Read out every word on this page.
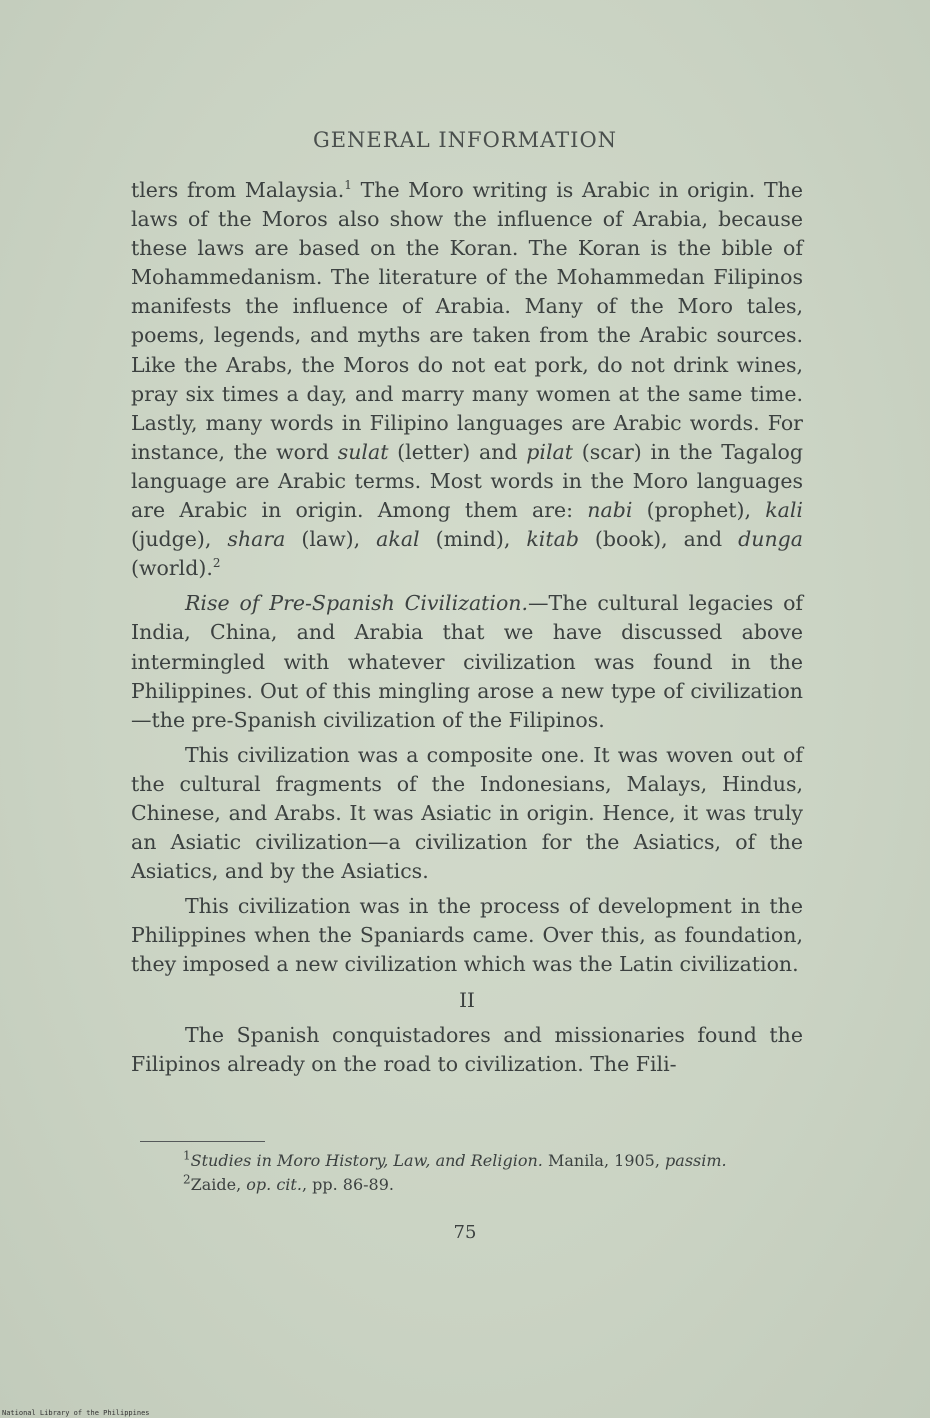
GENERAL INFORMATION

tlers from Malaysia.$^1$ The Moro writing is Arabic in origin. The laws of the Moros also show the influence of Arabia, because these laws are based on the Koran. The Koran is the bible of Mohammedanism. The literature of the Mohammedan Filipinos manifests the influence of Arabia. Many of the Moro tales, poems, legends, and myths are taken from the Arabic sources. Like the Arabs, the Moros do not eat pork, do not drink wines, pray six times a day, and marry many women at the same time. Lastly, many words in Filipino languages are Arabic words. For instance, the word sulat (letter) and pilat (scar) in the Tagalog language are Arabic terms. Most words in the Moro languages are Arabic in origin. Among them are: nabi (prophet), kali (judge), shara (law), akal (mind), kitab (book), and dunga (world).$^2$

Rise of Pre-Spanish Civilization.—The cultural legacies of India, China, and Arabia that we have discussed above intermingled with whatever civilization was found in the Philippines. Out of this mingling arose a new type of civilization—the pre-Spanish civilization of the Filipinos.

This civilization was a composite one. It was woven out of the cultural fragments of the Indonesians, Malays, Hindus, Chinese, and Arabs. It was Asiatic in origin. Hence, it was truly an Asiatic civilization—a civilization for the Asiatics, of the Asiatics, and by the Asiatics.

This civilization was in the process of development in the Philippines when the Spaniards came. Over this, as foundation, they imposed a new civilization which was the Latin civilization.

II

The Spanish conquistadores and missionaries found the Filipinos already on the road to civilization. The Fili-

$^1$Studies in Moro History, Law, and Religion. Manila, 1905, passim.

$^2$Zaide, op. cit., pp. 86-89.

75
National Library of the Philippines
